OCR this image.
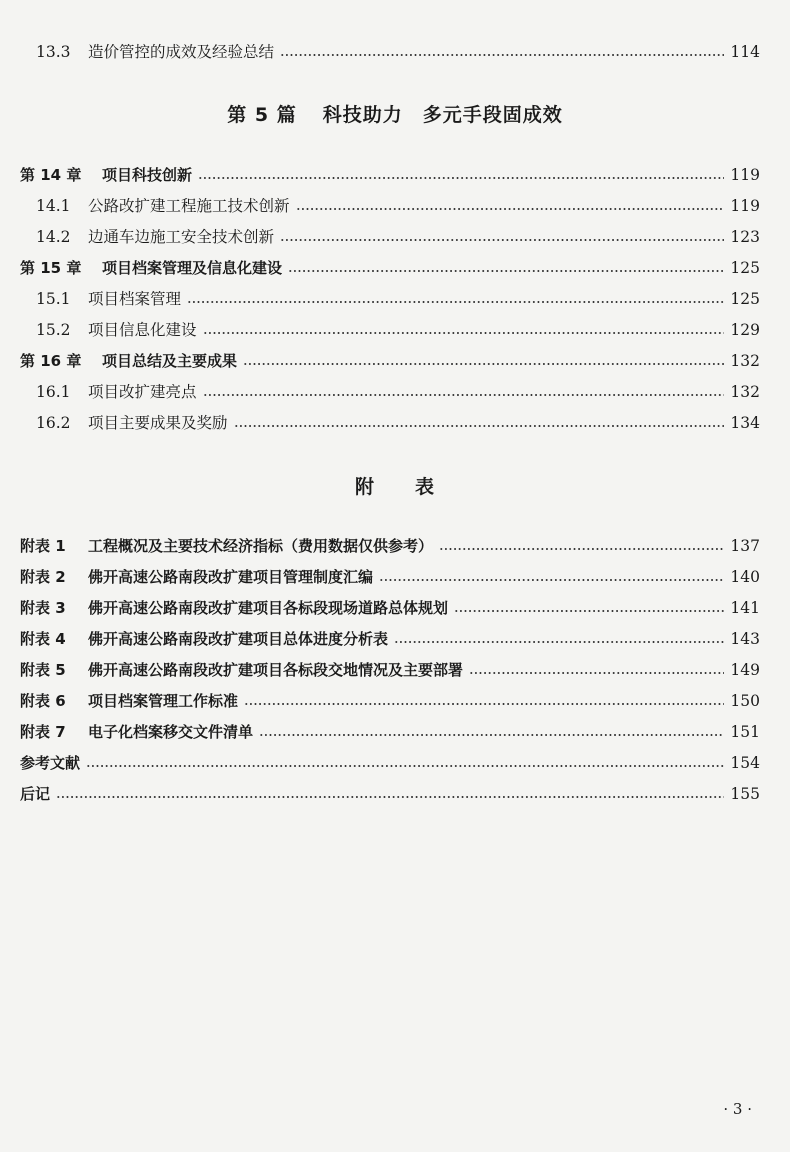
13.3	造价管控的成效及经验总结	114
第 5 篇 科技助力　多元手段固成效
第 14 章	项目科技创新	119
14.1	公路改扩建工程施工技术创新	119
14.2	边通车边施工安全技术创新	123
第 15 章	项目档案管理及信息化建设	125
15.1	项目档案管理	125
15.2	项目信息化建设	129
第 16 章	项目总结及主要成果	132
16.1	项目改扩建亮点	132
16.2	项目主要成果及奖励	134
附　　表
附表 1	工程概况及主要技术经济指标（费用数据仅供参考）	137
附表 2	佛开高速公路南段改扩建项目管理制度汇编	140
附表 3	佛开高速公路南段改扩建项目各标段现场道路总体规划	141
附表 4	佛开高速公路南段改扩建项目总体进度分析表	143
附表 5	佛开高速公路南段改扩建项目各标段交地情况及主要部署	149
附表 6	项目档案管理工作标准	150
附表 7	电子化档案移交文件清单	151
参考文献	154
后记	155
· 3 ·
